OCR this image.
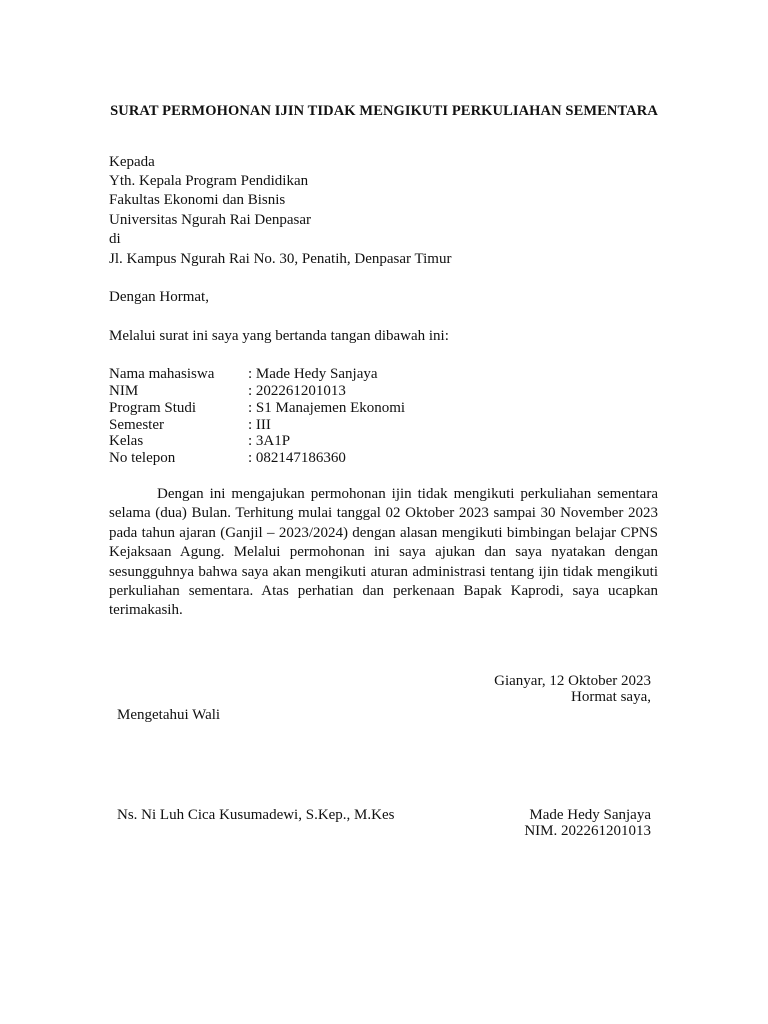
SURAT PERMOHONAN IJIN TIDAK MENGIKUTI PERKULIAHAN SEMENTARA
Kepada
Yth. Kepala Program Pendidikan
Fakultas Ekonomi dan Bisnis
Universitas Ngurah Rai Denpasar
di
Jl. Kampus Ngurah Rai No. 30, Penatih, Denpasar Timur
Dengan Hormat,
Melalui surat ini saya yang bertanda tangan dibawah ini:
Nama mahasiswa : Made Hedy Sanjaya
NIM	: 202261201013
Program Studi	: S1 Manajemen Ekonomi
Semester	: III
Kelas	: 3A1P
No telepon	: 082147186360
Dengan ini mengajukan permohonan ijin tidak mengikuti perkuliahan sementara selama (dua) Bulan. Terhitung mulai tanggal 02 Oktober 2023 sampai 30 November 2023 pada tahun ajaran (Ganjil – 2023/2024) dengan alasan mengikuti bimbingan belajar CPNS Kejaksaan Agung. Melalui permohonan ini saya ajukan dan saya nyatakan dengan sesungguhnya bahwa saya akan mengikuti aturan administrasi tentang ijin tidak mengikuti perkuliahan sementara. Atas perhatian dan perkenaan Bapak Kaprodi, saya ucapkan terimakasih.
Gianyar, 12 Oktober 2023
Hormat saya,
Mengetahui Wali
Ns. Ni Luh Cica Kusumadewi, S.Kep., M.Kes	Made Hedy Sanjaya
NIM. 202261201013
